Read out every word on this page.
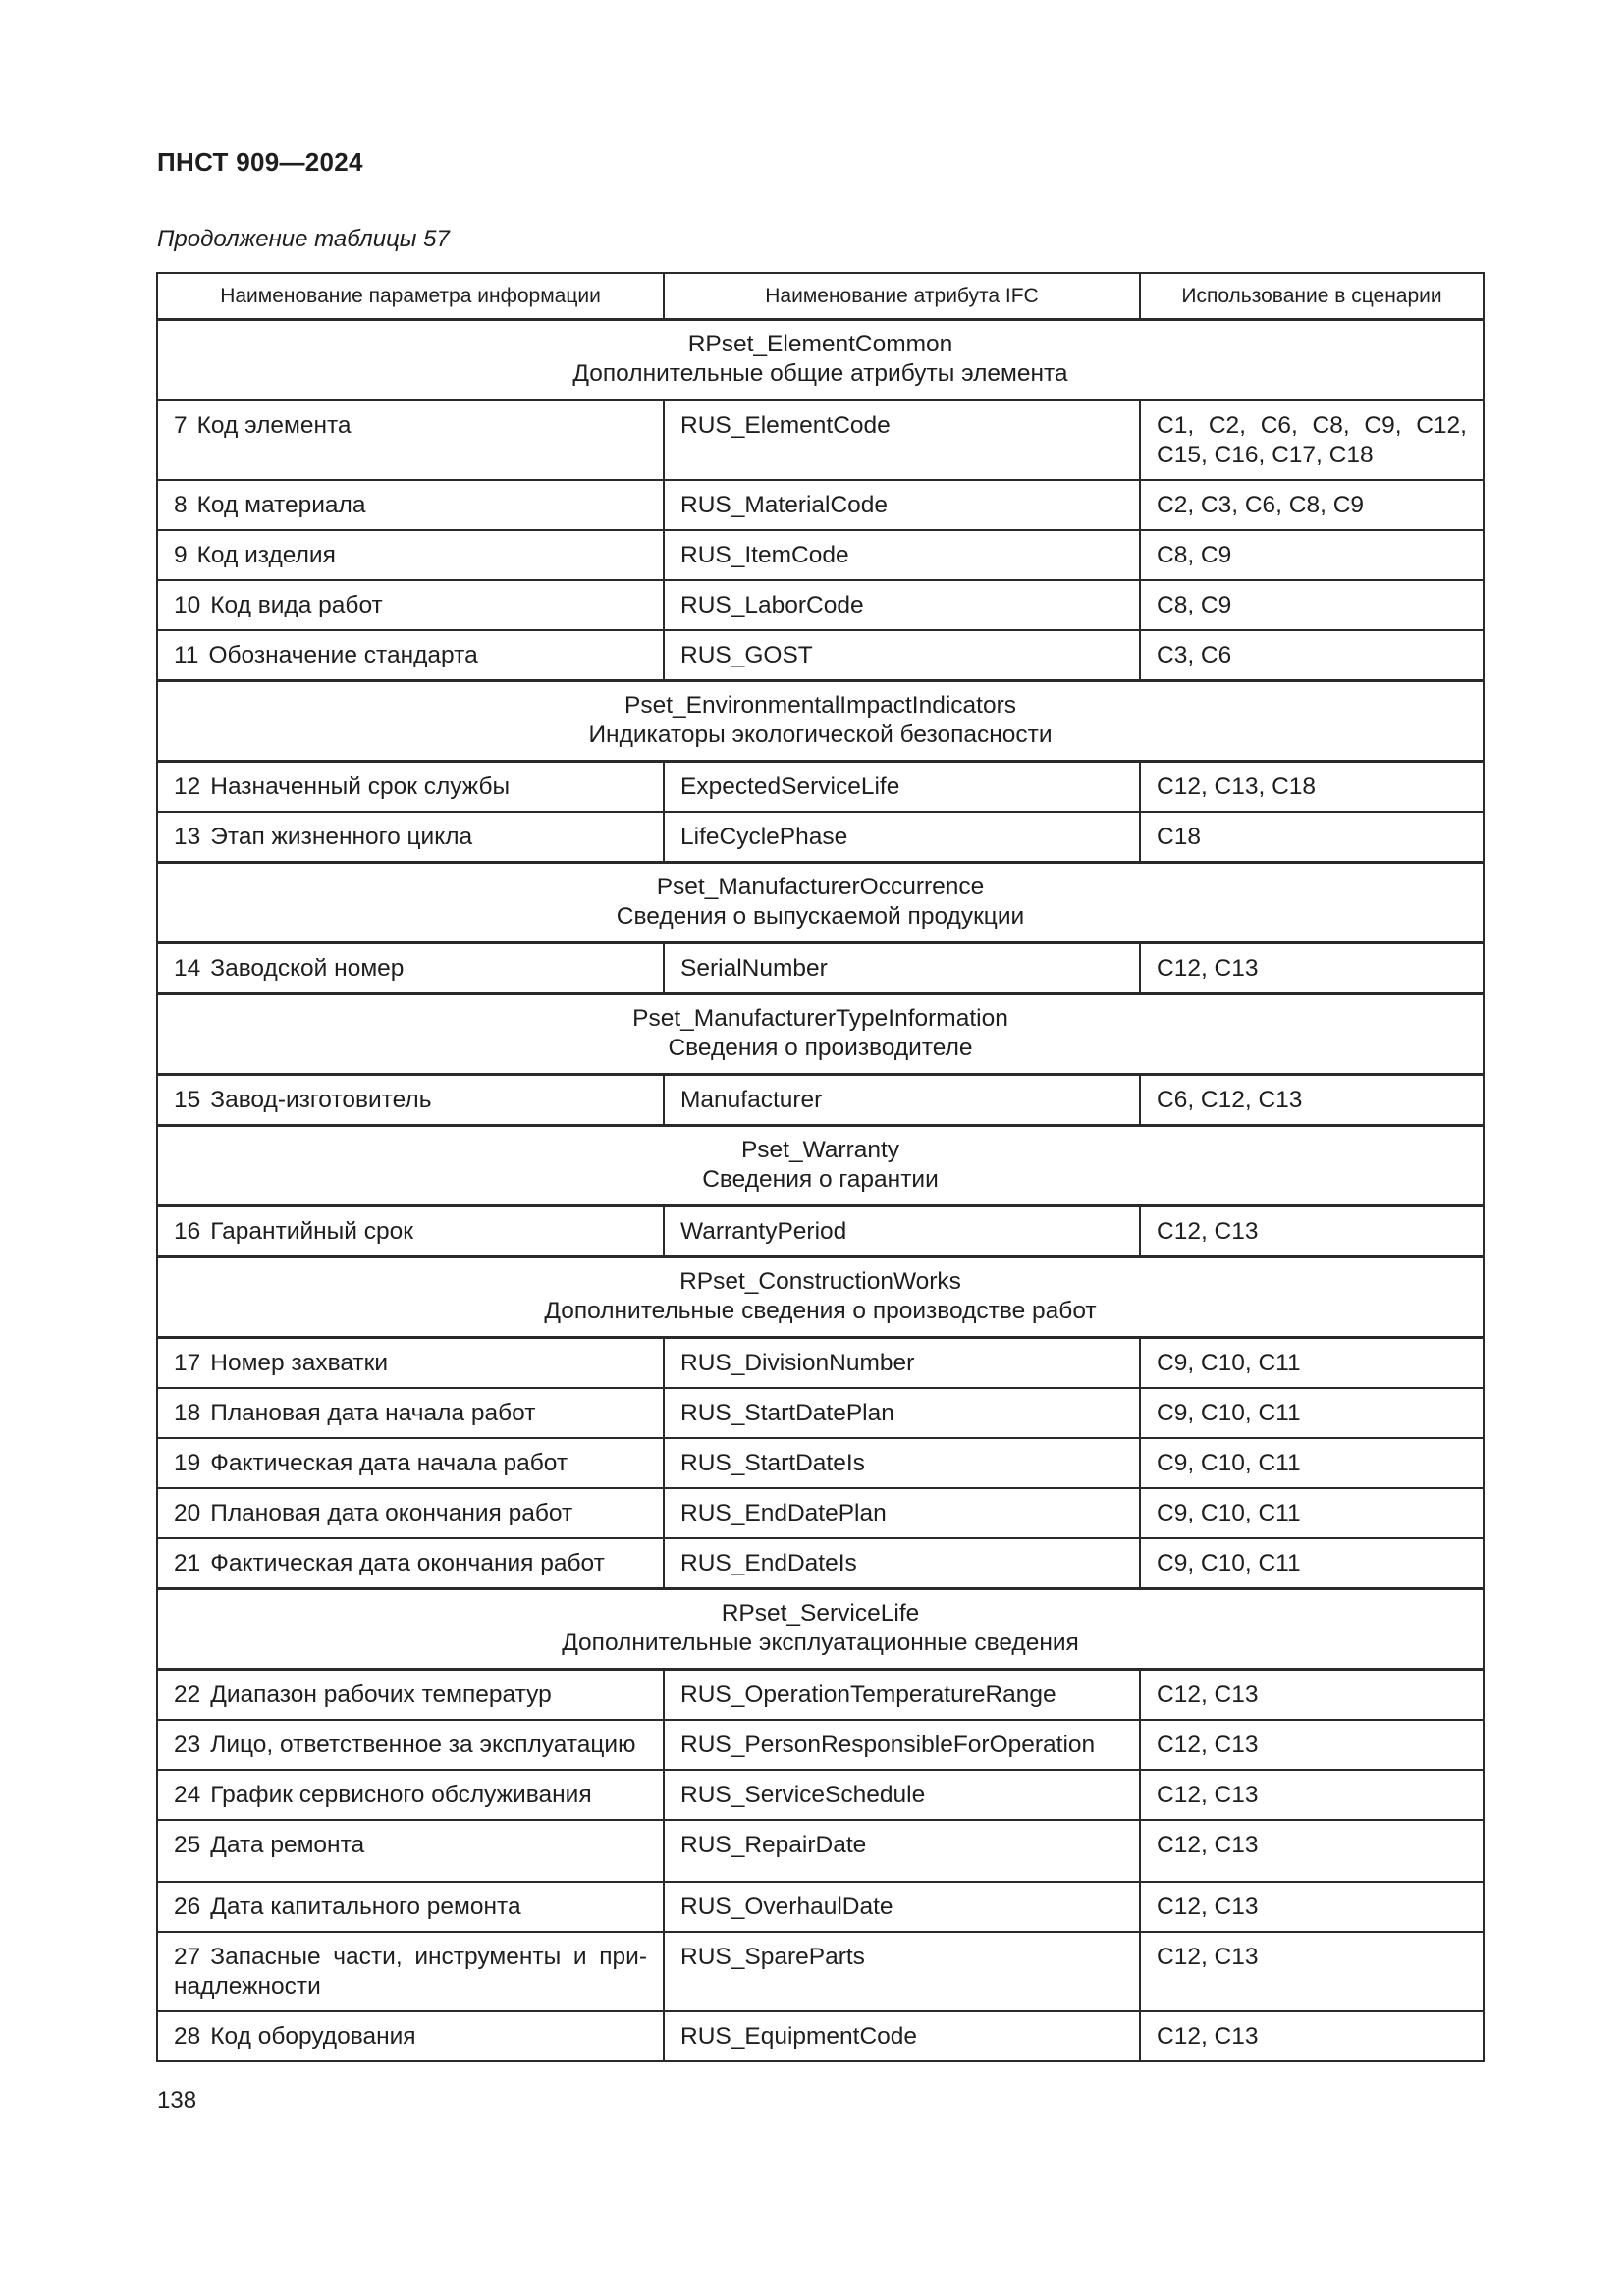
ПНСТ 909—2024
Продолжение таблицы 57
Наименование параметра информации	Наименование атрибута IFC	Использование в сценарии

RPset_ElementCommon
Дополнительные общие атрибуты элемента		

7 Код элемента	RUS_ElementCode	C1, C2, C6, C8, C9, C12, C15, C16, C17, C18
8 Код материала	RUS_MaterialCode	C2, C3, C6, C8, C9
9 Код изделия	RUS_ItemCode	C8, C9
10 Код вида работ	RUS_LaborCode	C8, C9
11 Обозначение стандарта	RUS_GOST	C3, C6

Pset_EnvironmentalImpactIndicators
Индикаторы экологической безопасности		

12 Назначенный срок службы	ExpectedServiceLife	C12, C13, C18
13 Этап жизненного цикла	LifeCyclePhase	C18

Pset_ManufacturerOccurrence
Сведения о выпускаемой продукции		

14 Заводской номер	SerialNumber	C12, C13

Pset_ManufacturerTypeInformation
Сведения о производителе		

15 Завод-изготовитель	Manufacturer	C6, C12, C13

Pset_Warranty
Сведения о гарантии		

16 Гарантийный срок	WarrantyPeriod	C12, C13

RPset_ConstructionWorks
Дополнительные сведения о производстве работ		

17 Номер захватки	RUS_DivisionNumber	C9, C10, C11
18 Плановая дата начала работ	RUS_StartDatePlan	C9, C10, C11
19 Фактическая дата начала работ	RUS_StartDateIs	C9, C10, C11
20 Плановая дата окончания работ	RUS_EndDatePlan	C9, C10, C11
21 Фактическая дата окончания работ	RUS_EndDateIs	C9, C10, C11

RPset_ServiceLife
Дополнительные эксплуатационные сведения		

22 Диапазон рабочих температур	RUS_OperationTemperatureRange	C12, C13
23 Лицо, ответственное за эксплуатацию	RUS_PersonResponsibleForOperation	C12, C13
24 График сервисного обслуживания	RUS_ServiceSchedule	C12, C13
25 Дата ремонта	RUS_RepairDate	C12, C13
26 Дата капитального ремонта	RUS_OverhaulDate	C12, C13
27 Запасные части, инструменты и при-надлежности	RUS_SpareParts	C12, C13
28 Код оборудования	RUS_EquipmentCode	C12, C13
138
